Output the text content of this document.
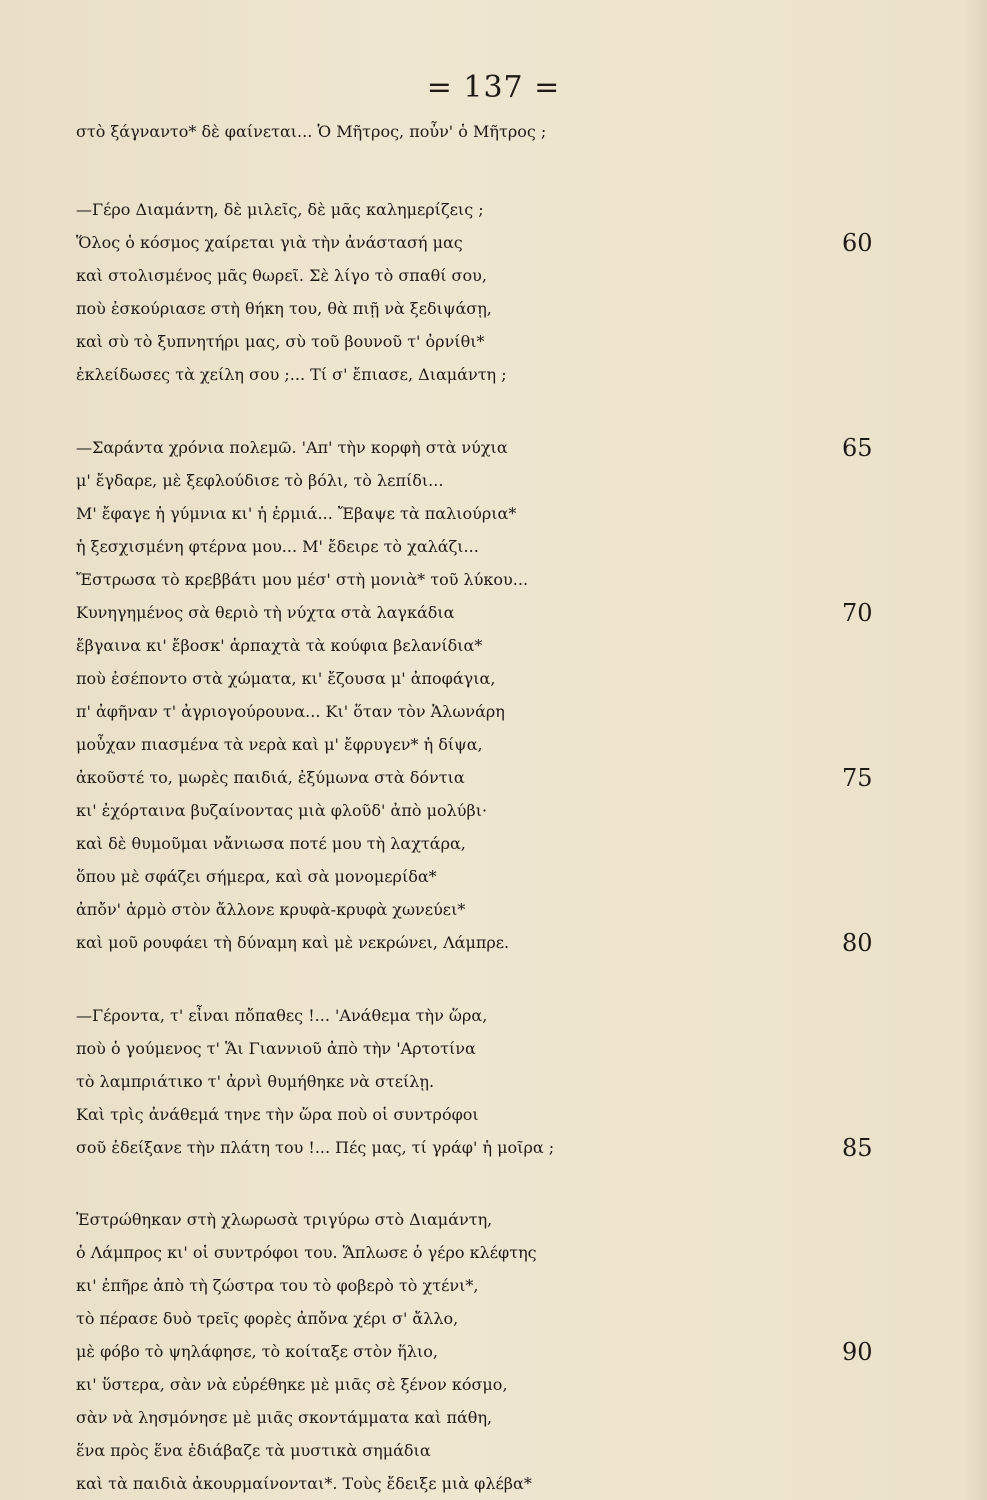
= 137 =
στὸ ξάγναντο* δὲ φαίνεται... Ὁ Μῆτρος, ποὖν' ὁ Μῆτρος ;
—Γέρο Διαμάντη, δὲ μιλεῖς, δὲ μᾶς καλημερίζεις ;
Ὅλος ὁ κόσμος χαίρεται γιὰ τὴν ἀνάστασή μας
καὶ στολισμένος μᾶς θωρεῖ. Σὲ λίγο τὸ σπαθί σου,
ποὺ ἐσκούριασε στὴ θήκη του, θὰ πιῇ νὰ ξεδιψάσῃ,
καὶ σὺ τὸ ξυπνητήρι μας, σὺ τοῦ βουνοῦ τ' ὀρνίθι*
ἐκλείδωσες τὰ χείλη σου ;... Τί σ' ἔπιασε, Διαμάντη ;
—Σαράντα χρόνια πολεμῶ. 'Απ' τὴν κορφὴ στὰ νύχια
μ' ἔγδαρε, μὲ ξεφλούδισε τὸ βόλι, τὸ λεπίδι...
Μ' ἔφαγε ἡ γύμνια κι' ἡ ἐρμιά... Ἔβαψε τὰ παλιούρια*
ἡ ξεσχισμένη φτέρνα μου... Μ' ἔδειρε τὸ χαλάζι...
Ἔστρωσα τὸ κρεββάτι μου μέσ' στὴ μονιὰ* τοῦ λύκου...
Κυνηγημένος σὰ θεριὸ τὴ νύχτα στὰ λαγκάδια
ἔβγαινα κι' ἔβοσκ' ἁρπαχτὰ τὰ κούφια βελανίδια*
ποὺ ἐσέποντο στὰ χώματα, κι' ἔζουσα μ' ἀποφάγια,
π' ἀφῆναν τ' ἀγριογούρουνα... Κι' ὅταν τὸν Ἁλωνάρη
μοὖχαν πιασμένα τὰ νερὰ καὶ μ' ἔφρυγεν* ἡ δίψα,
ἀκοῦστέ το, μωρὲς παιδιά, ἐξύμωνα στὰ δόντια
κι' ἐχόρταινα βυζαίνοντας μιὰ φλοῦδ' ἀπὸ μολύβι·
καὶ δὲ θυμοῦμαι νἄνιωσα ποτέ μου τὴ λαχτάρα,
ὅπου μὲ σφάζει σήμερα, καὶ σὰ μονομερίδα*
ἀπὄν' ἁρμὸ στὸν ἄλλονε κρυφὰ-κρυφὰ χωνεύει*
καὶ μοῦ ρουφάει τὴ δύναμη καὶ μὲ νεκρώνει, Λάμπρε.
—Γέροντα, τ' εἶναι πὄπαθες !... 'Ανάθεμα τὴν ὥρα,
ποὺ ὁ γούμενος τ' Ἅι Γιαννιοῦ ἀπὸ τὴν 'Αρτοτίνα
τὸ λαμπριάτικο τ' ἀρνὶ θυμήθηκε νὰ στείλῃ.
Καὶ τρὶς ἀνάθεμά τηνε τὴν ὥρα ποὺ οἱ συντρόφοι
σοῦ ἐδείξανε τὴν πλάτη του !... Πές μας, τί γράφ' ἡ μοῖρα ;
Ἐστρώθηκαν στὴ χλωρωσὰ τριγύρω στὸ Διαμάντη,
ὁ Λάμπρος κι' οἱ συντρόφοι του. Ἅπλωσε ὁ γέρο κλέφτης
κι' ἐπῆρε ἀπὸ τὴ ζώστρα του τὸ φοβερὸ τὸ χτένι*,
τὸ πέρασε δυὸ τρεῖς φορὲς ἀπὄνα χέρι σ' ἄλλο,
μὲ φόβο τὸ ψηλάφησε, τὸ κοίταξε στὸν ἥλιο,
κι' ὕστερα, σὰν νὰ εὐρέθηκε μὲ μιᾶς σὲ ξένον κόσμο,
σὰν νὰ λησμόνησε μὲ μιᾶς σκοντάμματα καὶ πάθη,
ἕνα πρὸς ἕνα ἐδιάβαζε τὰ μυστικὰ σημάδια
καὶ τὰ παιδιὰ ἀκουρμαίνονται*. Τοὺς ἔδειξε μιὰ φλέβα*
60
65
70
75
80
85
90
